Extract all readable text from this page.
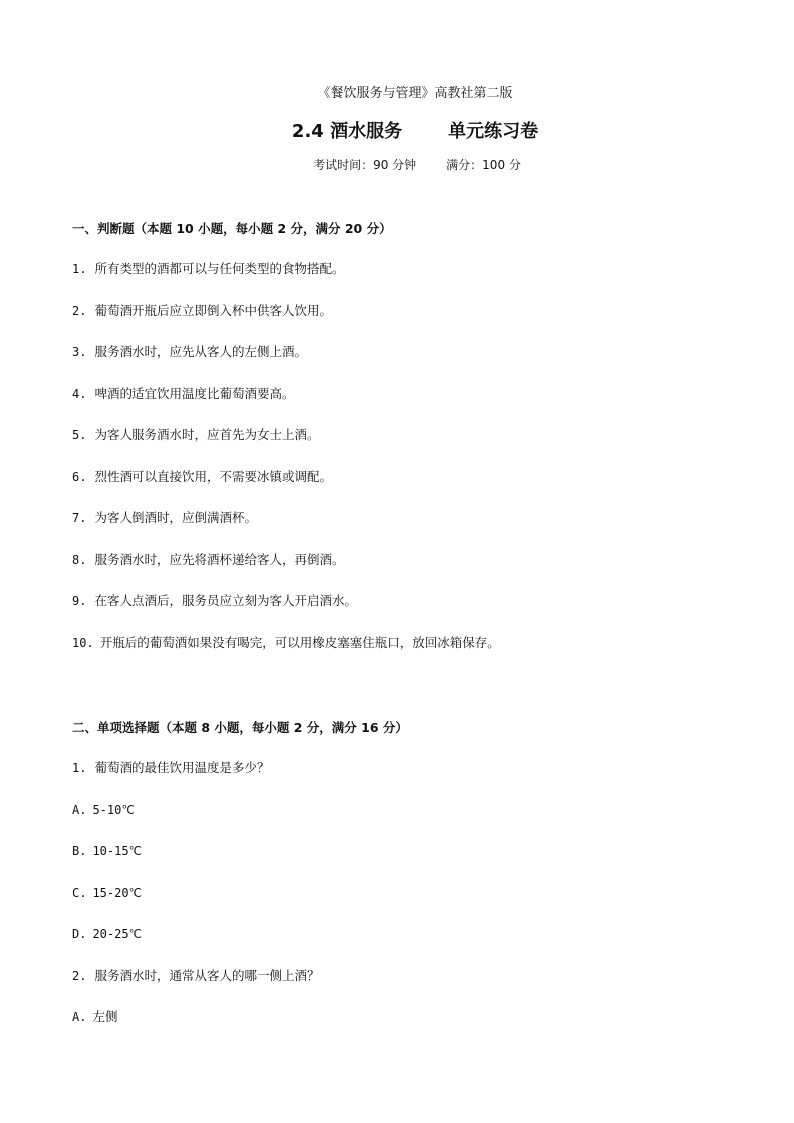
《餐饮服务与管理》高教社第二版
2.4 酒水服务	单元练习卷
考试时间：90 分钟	满分：100 分
一、判断题（本题 10 小题，每小题 2 分，满分 20 分）
1. 所有类型的酒都可以与任何类型的食物搭配。
2. 葡萄酒开瓶后应立即倒入杯中供客人饮用。
3. 服务酒水时，应先从客人的左侧上酒。
4. 啤酒的适宜饮用温度比葡萄酒要高。
5. 为客人服务酒水时，应首先为女士上酒。
6. 烈性酒可以直接饮用，不需要冰镇或调配。
7. 为客人倒酒时，应倒满酒杯。
8. 服务酒水时，应先将酒杯递给客人，再倒酒。
9. 在客人点酒后，服务员应立刻为客人开启酒水。
10. 开瓶后的葡萄酒如果没有喝完，可以用橡皮塞塞住瓶口，放回冰箱保存。
二、单项选择题（本题 8 小题，每小题 2 分，满分 16 分）
1. 葡萄酒的最佳饮用温度是多少？
A. 5-10℃
B. 10-15℃
C. 15-20℃
D. 20-25℃
2. 服务酒水时，通常从客人的哪一侧上酒？
A. 左侧
